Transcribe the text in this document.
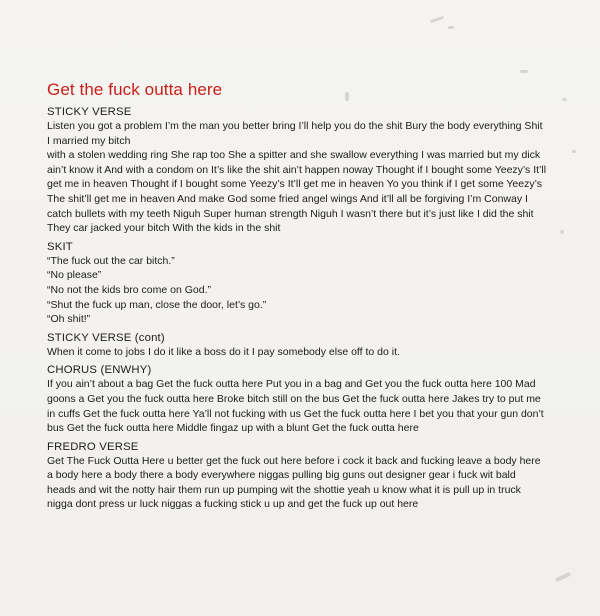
Get the fuck outta here
STICKY VERSE
Listen you got a problem I’m the man you better bring I’ll help you do the shit Bury the body everything Shit
I married my bitch
with a stolen wedding ring She rap too She a spitter and she swallow everything I was married but my dick
ain’t know it And with a condom on It’s like the shit ain’t happen noway Thought if I bought some Yeezy’s It’ll
get me in heaven Thought if I bought some Yeezy’s It’ll get me in heaven Yo you think if I get some Yeezy’s
The shit’ll get me in heaven And make God some fried angel wings And it’ll all be forgiving I’m Conway I
catch bullets with my teeth Niguh Super human strength Niguh I wasn’t there but it’s just like I did the shit
They car jacked your bitch With the kids in the shit
SKIT
“The fuck out the car bitch.”
“No please”
“No not the kids bro come on God.”
“Shut the fuck up man, close the door, let’s go.”
“Oh shit!”
STICKY VERSE (cont)
When it come to jobs I do it like a boss do it I pay somebody else off to do it.
CHORUS (ENWHY)
If you ain’t about a bag Get the fuck outta here Put you in a bag and Get you the fuck outta here 100 Mad
goons a Get you the fuck outta here Broke bitch still on the bus Get the fuck outta here Jakes try to put me
in cuffs Get the fuck outta here Ya’ll not fucking with us Get the fuck outta here I bet you that your gun don’t
bus Get the fuck outta here Middle fingaz up with a blunt Get the fuck outta here
FREDRO VERSE
Get The Fuck Outta Here u better get the fuck out here before i cock it back and fucking leave a body here
a body here a body there a body everywhere niggas pulling big guns out designer gear i fuck wit bald
heads and wit the notty hair them run up pumping wit the shottie yeah u know what it is pull up in truck
nigga dont press ur luck niggas a fucking stick u up and get the fuck up out here
